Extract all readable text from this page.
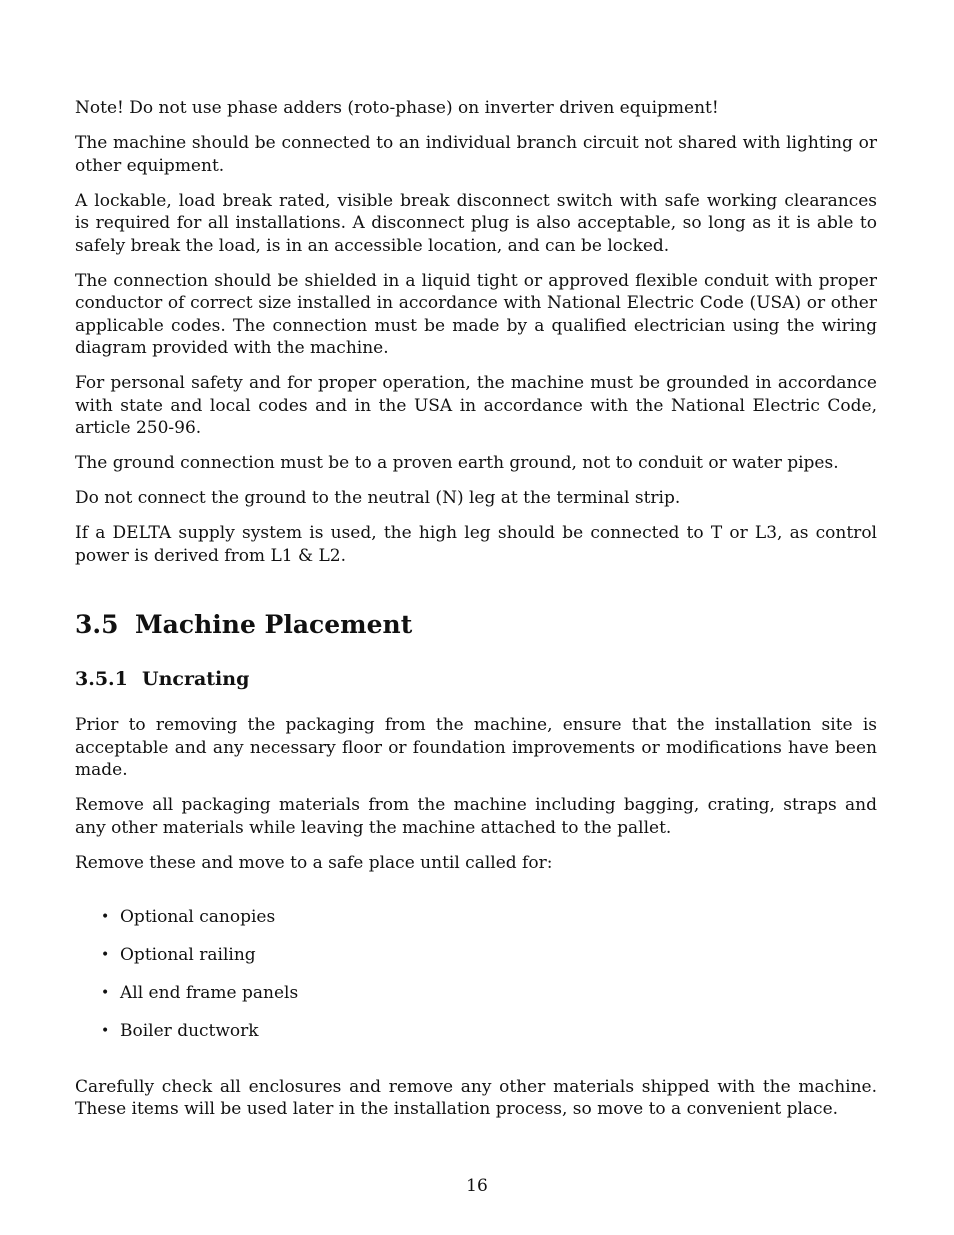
Note! Do not use phase adders (roto-phase) on inverter driven equipment!

The machine should be connected to an individual branch circuit not shared with lighting or other equipment.

A lockable, load break rated, visible break disconnect switch with safe working clearances is required for all installations. A disconnect plug is also acceptable, so long as it is able to safely break the load, is in an accessible location, and can be locked.

The connection should be shielded in a liquid tight or approved flexible conduit with proper conductor of correct size installed in accordance with National Electric Code (USA) or other applicable codes. The connection must be made by a qualified electrician using the wiring diagram provided with the machine.

For personal safety and for proper operation, the machine must be grounded in accordance with state and local codes and in the USA in accordance with the National Electric Code, article 250-96.

The ground connection must be to a proven earth ground, not to conduit or water pipes.

Do not connect the ground to the neutral (N) leg at the terminal strip.

If a DELTA supply system is used, the high leg should be connected to T or L3, as control power is derived from L1 & L2.

3.5 Machine Placement
3.5.1 Uncrating

Prior to removing the packaging from the machine, ensure that the installation site is acceptable and any necessary floor or foundation improvements or modifications have been made.

Remove all packaging materials from the machine including bagging, crating, straps and any other materials while leaving the machine attached to the pallet.

Remove these and move to a safe place until called for:

• Optional canopies
• Optional railing
• All end frame panels
• Boiler ductwork

Carefully check all enclosures and remove any other materials shipped with the machine. These items will be used later in the installation process, so move to a convenient place.

16
